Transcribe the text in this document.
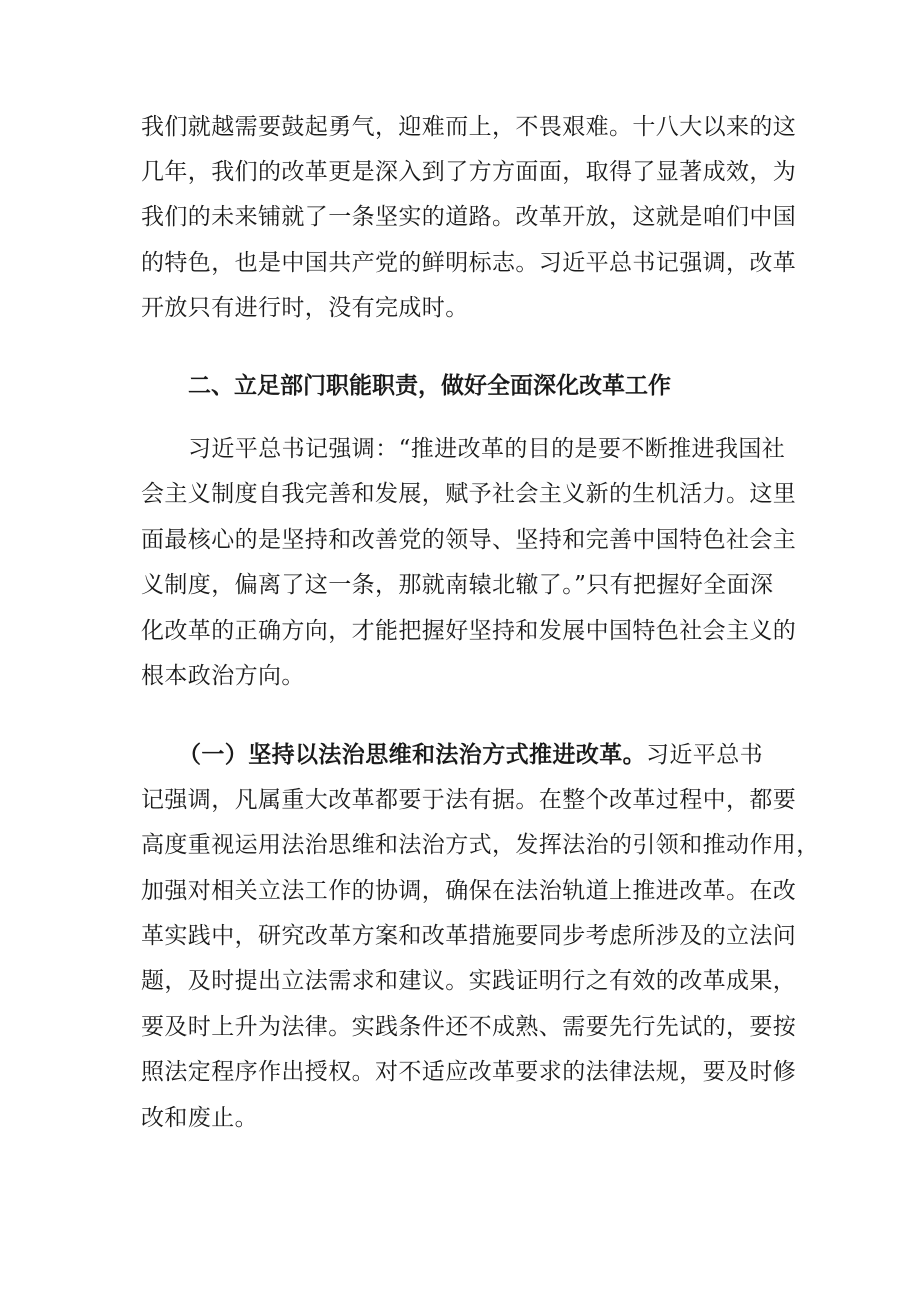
我们就越需要鼓起勇气，迎难而上，不畏艰难。十八大以来的这
几年，我们的改革更是深入到了方方面面，取得了显著成效，为
我们的未来铺就了一条坚实的道路。改革开放，这就是咱们中国
的特色，也是中国共产党的鲜明标志。习近平总书记强调，改革
开放只有进行时，没有完成时。
二、立足部门职能职责，做好全面深化改革工作
习近平总书记强调：“推进改革的目的是要不断推进我国社
会主义制度自我完善和发展，赋予社会主义新的生机活力。这里
面最核心的是坚持和改善党的领导、坚持和完善中国特色社会主
义制度，偏离了这一条，那就南辕北辙了。”只有把握好全面深
化改革的正确方向，才能把握好坚持和发展中国特色社会主义的
根本政治方向。
（一）坚持以法治思维和法治方式推进改革。习近平总书
记强调，凡属重大改革都要于法有据。在整个改革过程中，都要
高度重视运用法治思维和法治方式，发挥法治的引领和推动作用，
加强对相关立法工作的协调，确保在法治轨道上推进改革。在改
革实践中，研究改革方案和改革措施要同步考虑所涉及的立法问
题，及时提出立法需求和建议。实践证明行之有效的改革成果，
要及时上升为法律。实践条件还不成熟、需要先行先试的，要按
照法定程序作出授权。对不适应改革要求的法律法规，要及时修
改和废止。
